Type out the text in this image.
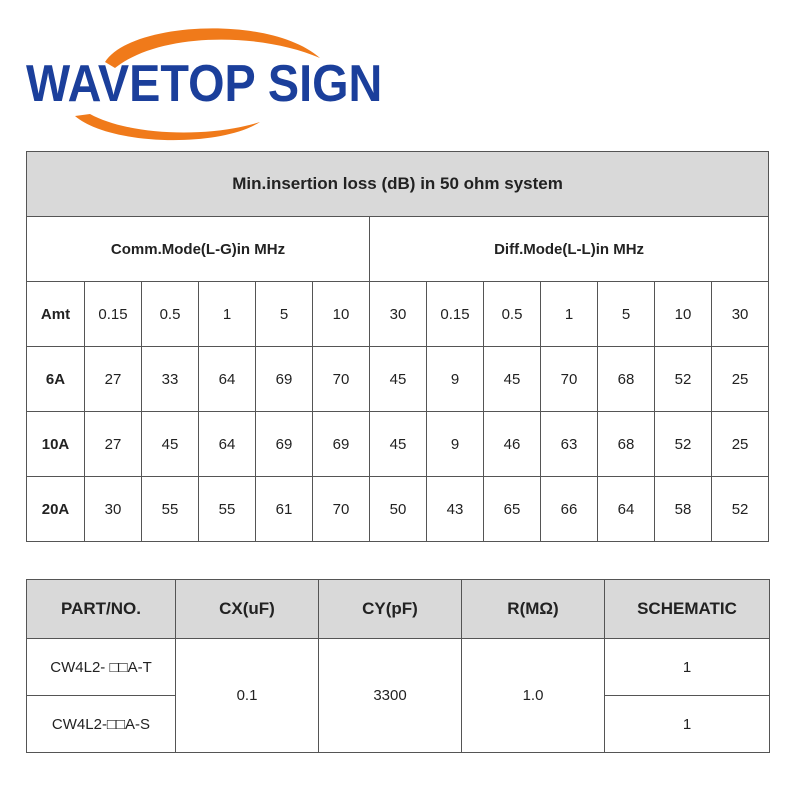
WAVETOP SIGN
Min.insertion loss (dB) in 50 ohm system												
Comm.Mode(L-G)in MHz						Diff.Mode(L-L)in MHz						
Amt	0.15	0.5	1	5	10	30	0.15	0.5	1	5	10	30
6A	27	33	64	69	70	45	9	45	70	68	52	25
10A	27	45	64	69	69	45	9	46	63	68	52	25
20A	30	55	55	61	70	50	43	65	66	64	58	52
PART/NO.	CX(uF)	CY(pF)	R(MΩ)	SCHEMATIC
CW4L2- □□A-T	0.1	3300	1.0	1
CW4L2-□□A-S				1
